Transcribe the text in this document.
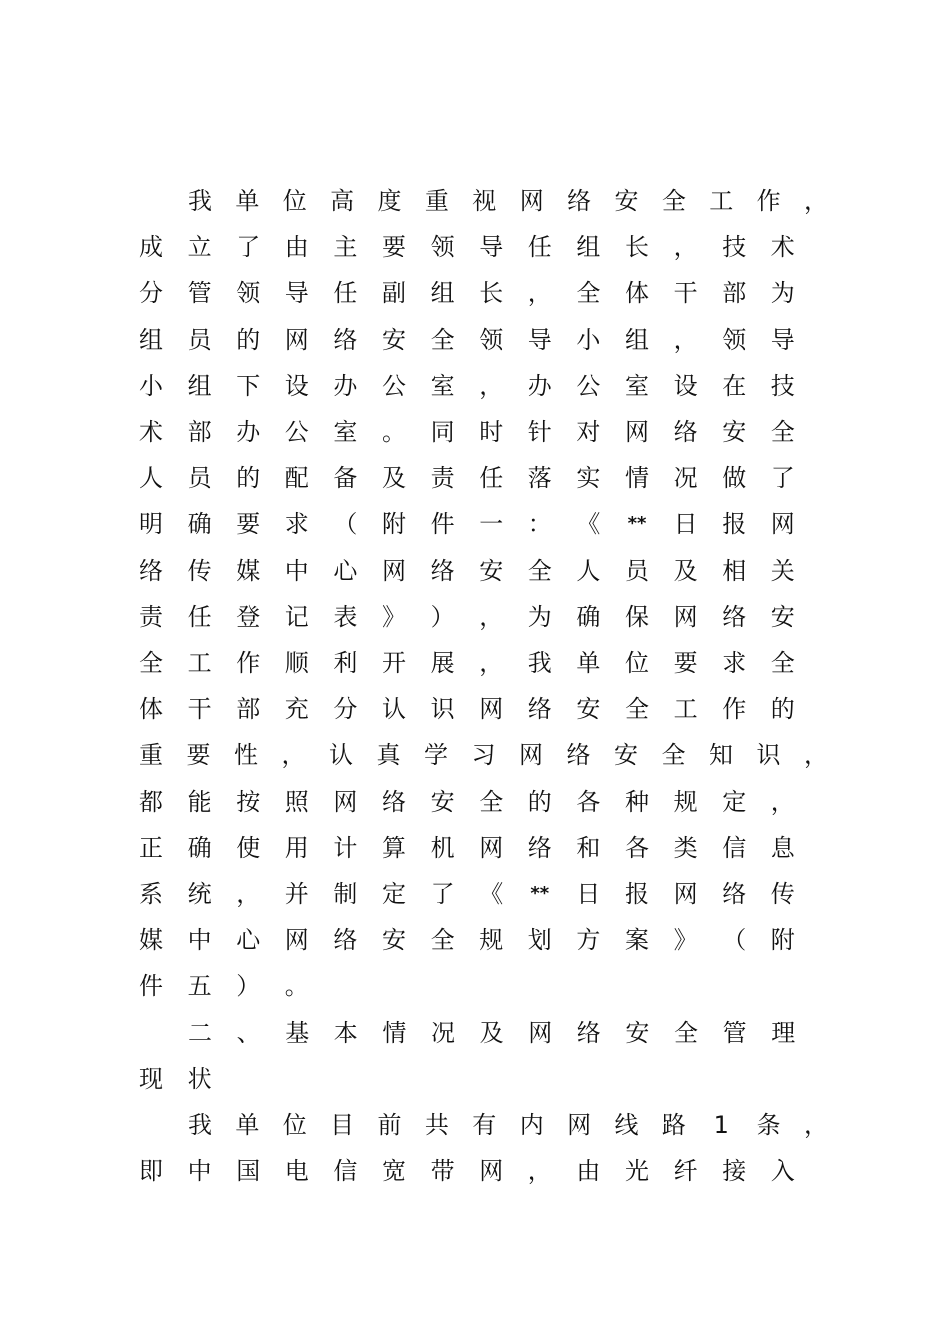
我 单 位 高 度 重 视 网 络 安 全 工 作 ，
成 立 了 由 主 要 领 导 任 组 长 ， 技 术
分 管 领 导 任 副 组 长 ， 全 体 干 部 为
组 员 的 网 络 安 全 领 导 小 组 ， 领 导
小 组 下 设 办 公 室 ， 办 公 室 设 在 技
术 部 办 公 室 。 同 时 针 对 网 络 安 全
人 员 的 配 备 及 责 任 落 实 情 况 做 了
明 确 要 求 （ 附 件 一 ： 《	** 日 报 网
络 传 媒 中 心 网 络 安 全 人 员 及 相 关
责 任 登 记 表 》 ） ， 为 确 保 网 络 安
全 工 作 顺 利 开 展 ， 我 单 位 要 求 全
体 干 部 充 分 认 识 网 络 安 全 工 作 的
重 要 性 ， 认 真 学 习 网 络 安 全 知 识 ，
都 能 按 照 网 络 安 全 的 各 种 规 定 ，
正 确 使 用 计 算 机 网 络 和 各 类 信 息
系 统 ， 并 制 定 了 《	** 日 报 网 络 传
媒 中 心 网 络 安 全 规 划 方 案 》 （ 附
件 五 ） 。
二 、 基 本 情 况 及 网 络 安 全 管 理
现 状
我 单 位 目 前 共 有 内 网 线 路	1	条 ，
即 中 国 电 信 宽 带 网 ， 由 光 纤 接 入
